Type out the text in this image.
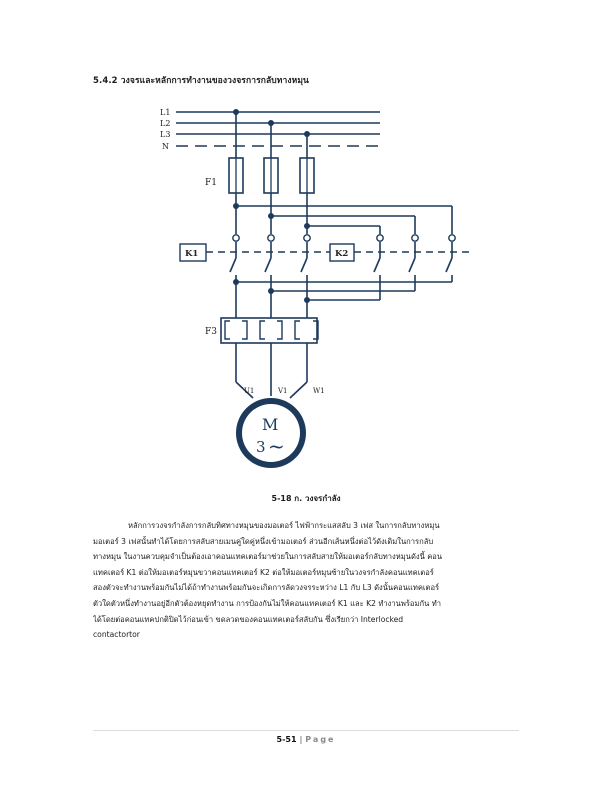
5.4.2 วงจรและหลักการทำงานของวงจรการกลับทางหมุน
L1
L2
L3
N
F1
F3
U1	V1	W1
K1	K2
M
3 ~
5-18 ก. วงจรกำลัง
หลักการวงจรกำลังการกลับทิศทางหมุนของมอเตอร์ ไฟฟ้ากระแสสลับ 3 เฟส ในการกลับทางหมุน
มอเตอร์ 3 เฟสนั้นทำได้โดยการสลับสายเมนคู่ใดคู่หนึ่งเข้ามอเตอร์ ส่วนอีกเส้นหนึ่งต่อไว้ดังเดิมในการกลับ
ทางหมุน ในงานควบคุมจำเป็นต้องเอาคอนแทคเตอร์มาช่วยในการสลับสายให้มอเตอร์กลับทางหมุนดังนี้ คอน
แทคเตอร์ K1 ต่อให้มอเตอร์หมุนขวาคอนแทคเตอร์ K2 ต่อให้มอเตอร์หมุนซ้ายในวงจรกำลังคอนแทคเตอร์
สองตัวจะทำงานพร้อมกันไม่ได้ถ้าทำงานพร้อมกันจะเกิดการลัดวงจรระหว่าง L1 กับ L3 ดังนั้นคอนแทคเตอร์
ตัวใดตัวหนึ่งทำงานอยู่อีกตัวต้องหยุดทำงาน การป้องกันไม่ให้คอนแทคเตอร์ K1 และ K2 ทำงานพร้อมกัน ทำ
ได้โดยต่อคอนแทคปกติปิดไว้ก่อนเข้า ขดลวดของคอนแทคเตอร์สลับกัน ซึ่งเรียกว่า Interlocked
contactortor
5-51 | Page
